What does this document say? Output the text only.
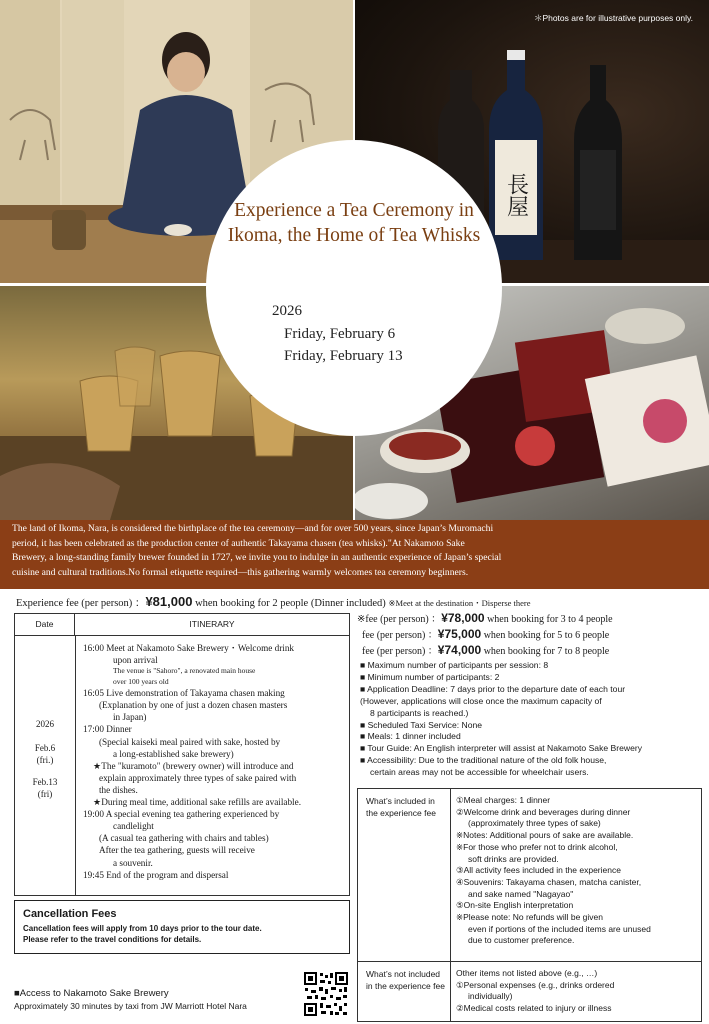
長屋
＊Photos are for illustrative purposes only.
Experience a Tea Ceremony in Ikoma, the Home of Tea Whisks
2026
Friday, February 6
Friday, February 13
The land of Ikoma, Nara, is considered the birthplace of the tea ceremony—and for over 500 years, since Japan’s Muromachi
period, it has been celebrated as the production center of authentic Takayama chasen (tea whisks)."At Nakamoto Sake
Brewery, a long-standing family brewer founded in 1727, we invite you to indulge in an authentic experience of Japan’s special
cuisine and cultural traditions.No formal etiquette required—this gathering warmly welcomes tea ceremony beginners.
Experience fee (per person) ：¥81,000 when booking for 2 people (Dinner included) ※Meet at the destination・Disperse there
Date	ITINERARY
2026
Feb.6
(fri.)
Feb.13
(fri)
16:00 Meet at Nakamoto Sake Brewery・Welcome drink
upon arrival
The venue is "Sahoro", a renovated main house
over 100 years old
16:05 Live demonstration of Takayama chasen making
(Explanation by one of just a dozen chasen masters
in Japan)
17:00 Dinner
(Special kaiseki meal paired with sake, hosted by
a long-established sake brewery)
★The "kuramoto" (brewery owner) will introduce and
explain approximately three types of sake paired with
the dishes.
★During meal time, additional sake refills are available.
19:00 A special evening tea gathering experienced by
candlelight
(A casual tea gathering with chairs and tables)
After the tea gathering, guests will receive
a souvenir.
19:45 End of the program and dispersal
Cancellation Fees

Cancellation fees will apply from 10 days prior to the tour date.

Please refer to the travel conditions for details.

■Access to Nakamoto Sake Brewery
Approximately 30 minutes by taxi from JW Marriott Hotel Nara
※fee (per person) ：¥78,000 when booking for 3 to 4 people
fee (per person) ：¥75,000 when booking for 5 to 6 people
fee (per person) ：¥74,000 when booking for 7 to 8 people
■ Maximum number of participants per session: 8
■ Minimum number of participants: 2
■ Application Deadline: 7 days prior to the departure date of each tour
(However, applications will close once the maximum capacity of
8 participants is reached.)
■ Scheduled Taxi Service: None
■ Meals: 1 dinner included
■ Tour Guide: An English interpreter will assist at Nakamoto Sake Brewery
■ Accessibility: Due to the traditional nature of the old folk house,
certain areas may not be accessible for wheelchair users.
What’s included in the experience fee
①Meal charges: 1 dinner
②Welcome drink and beverages during dinner
(approximately three types of sake)
※Notes: Additional pours of sake are available.
※For those who prefer not to drink alcohol,
soft drinks are provided.
③All activity fees included in the experience
④Souvenirs: Takayama chasen, matcha canister,
and sake named "Nagayao"
⑤On-site English interpretation
※Please note: No refunds will be given
even if portions of the included items are unused
due to customer preference.
What’s not included in the experience fee
Other items not listed above (e.g., …)
①Personal expenses (e.g., drinks ordered
individually)
②Medical costs related to injury or illness
